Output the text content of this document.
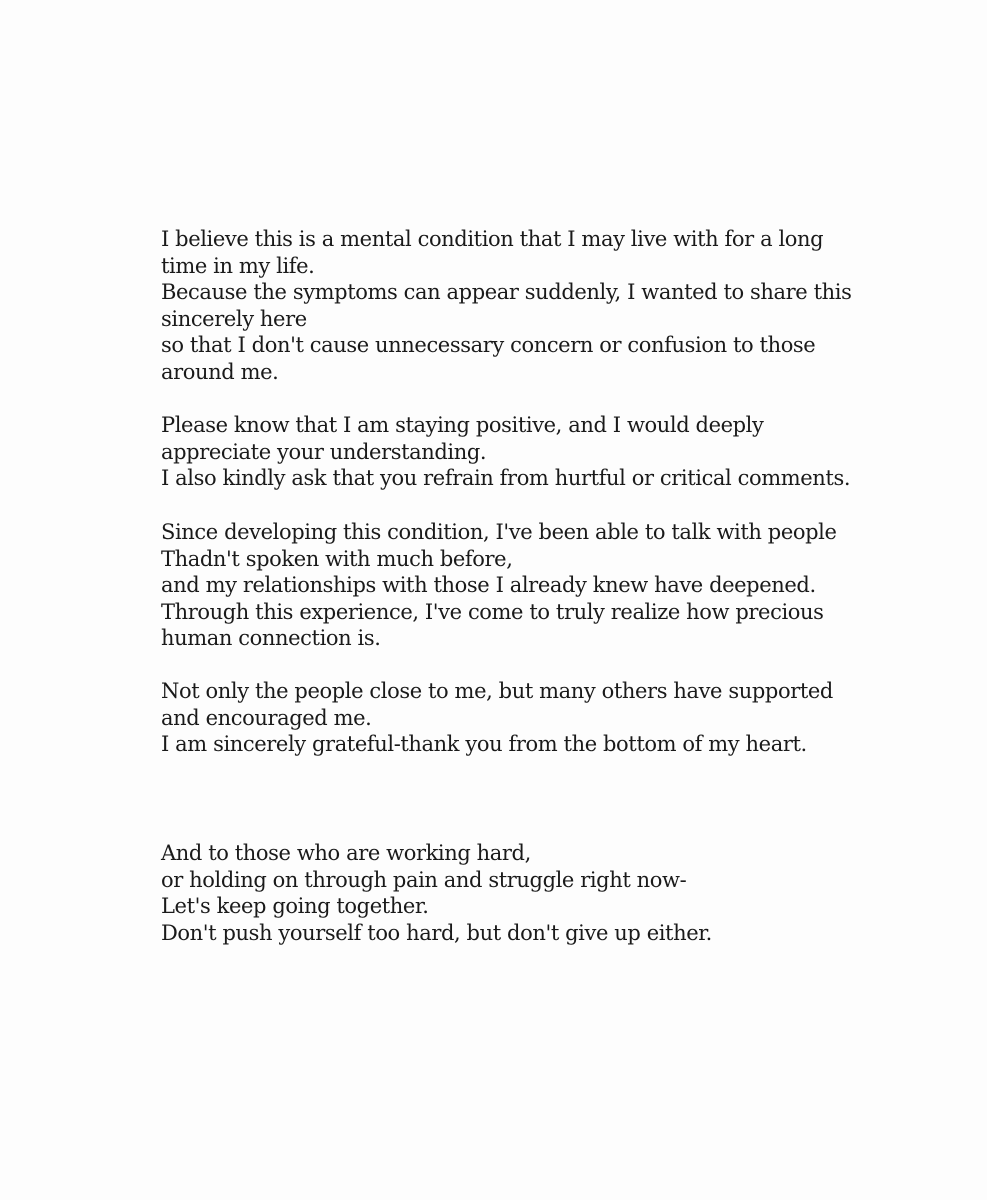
I believe this is a mental condition that I may live with for a long
time in my life.
Because the symptoms can appear suddenly, I wanted to share this
sincerely here
so that I don't cause unnecessary concern or confusion to those
around me.
Please know that I am staying positive, and I would deeply
appreciate your understanding.
I also kindly ask that you refrain from hurtful or critical comments.
Since developing this condition, I've been able to talk with people
Thadn't spoken with much before,
and my relationships with those I already knew have deepened.
Through this experience, I've come to truly realize how precious
human connection is.
Not only the people close to me, but many others have supported
and encouraged me.
I am sincerely grateful-thank you from the bottom of my heart.
And to those who are working hard,
or holding on through pain and struggle right now-
Let's keep going together.
Don't push yourself too hard, but don't give up either.
